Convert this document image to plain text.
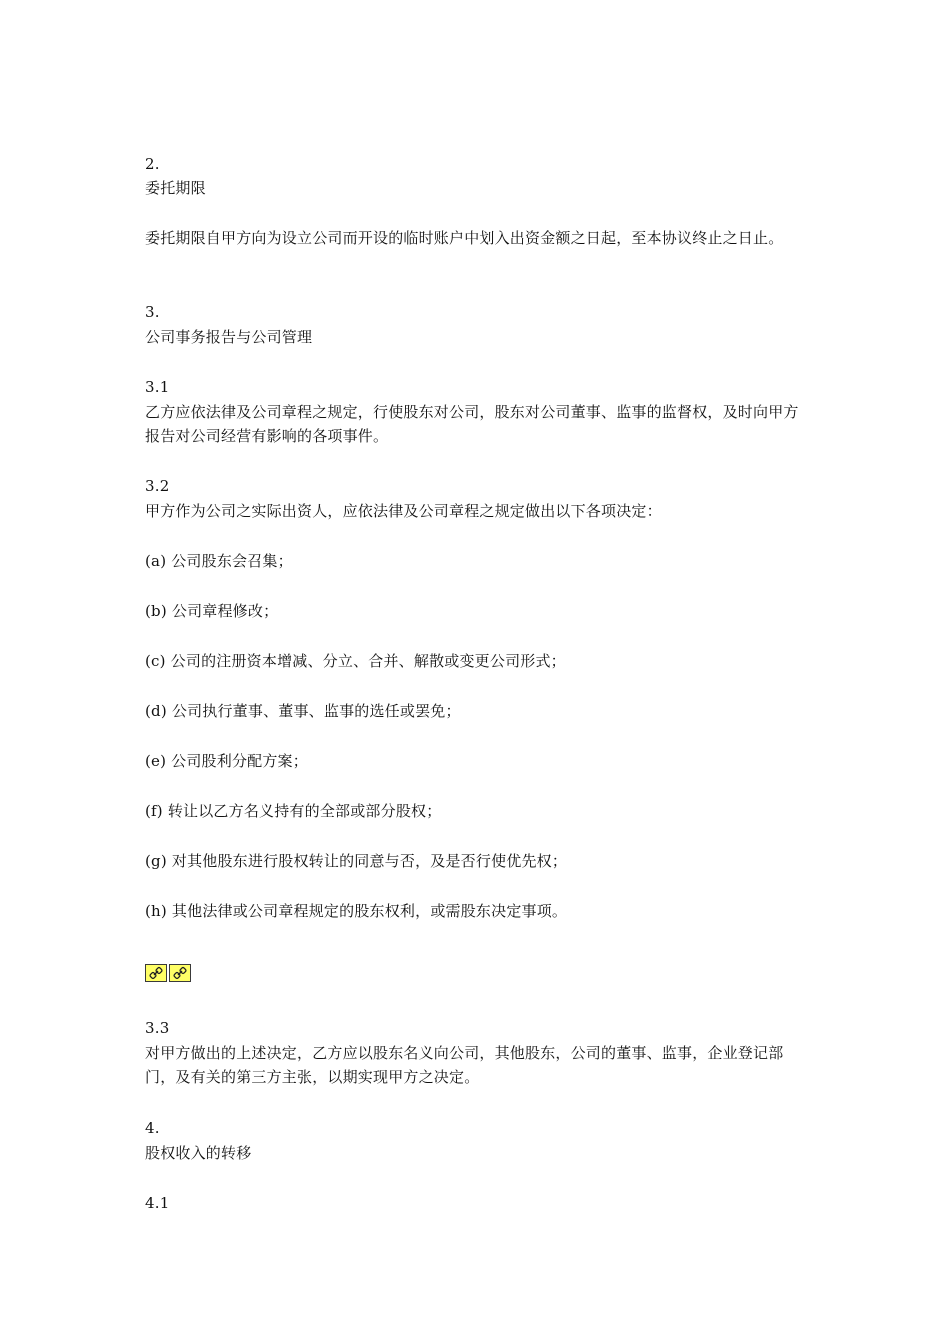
2.
委托期限
委托期限自甲方向为设立公司而开设的临时账户中划入出资金额之日起，至本协议终止之日止。
3.
公司事务报告与公司管理
3.1
乙方应依法律及公司章程之规定，行使股东对公司，股东对公司董事、监事的监督权，及时向甲方报告对公司经营有影响的各项事件。
3.2
甲方作为公司之实际出资人，应依法律及公司章程之规定做出以下各项决定：
(a) 公司股东会召集；
(b) 公司章程修改；
(c) 公司的注册资本增减、分立、合并、解散或变更公司形式；
(d) 公司执行董事、董事、监事的选任或罢免；
(e) 公司股利分配方案；
(f) 转让以乙方名义持有的全部或部分股权；
(g) 对其他股东进行股权转让的同意与否，及是否行使优先权；
(h) 其他法律或公司章程规定的股东权利，或需股东决定事项。
3.3
对甲方做出的上述决定，乙方应以股东名义向公司，其他股东，公司的董事、监事，企业登记部门，及有关的第三方主张，以期实现甲方之决定。
4.
股权收入的转移
4.1
